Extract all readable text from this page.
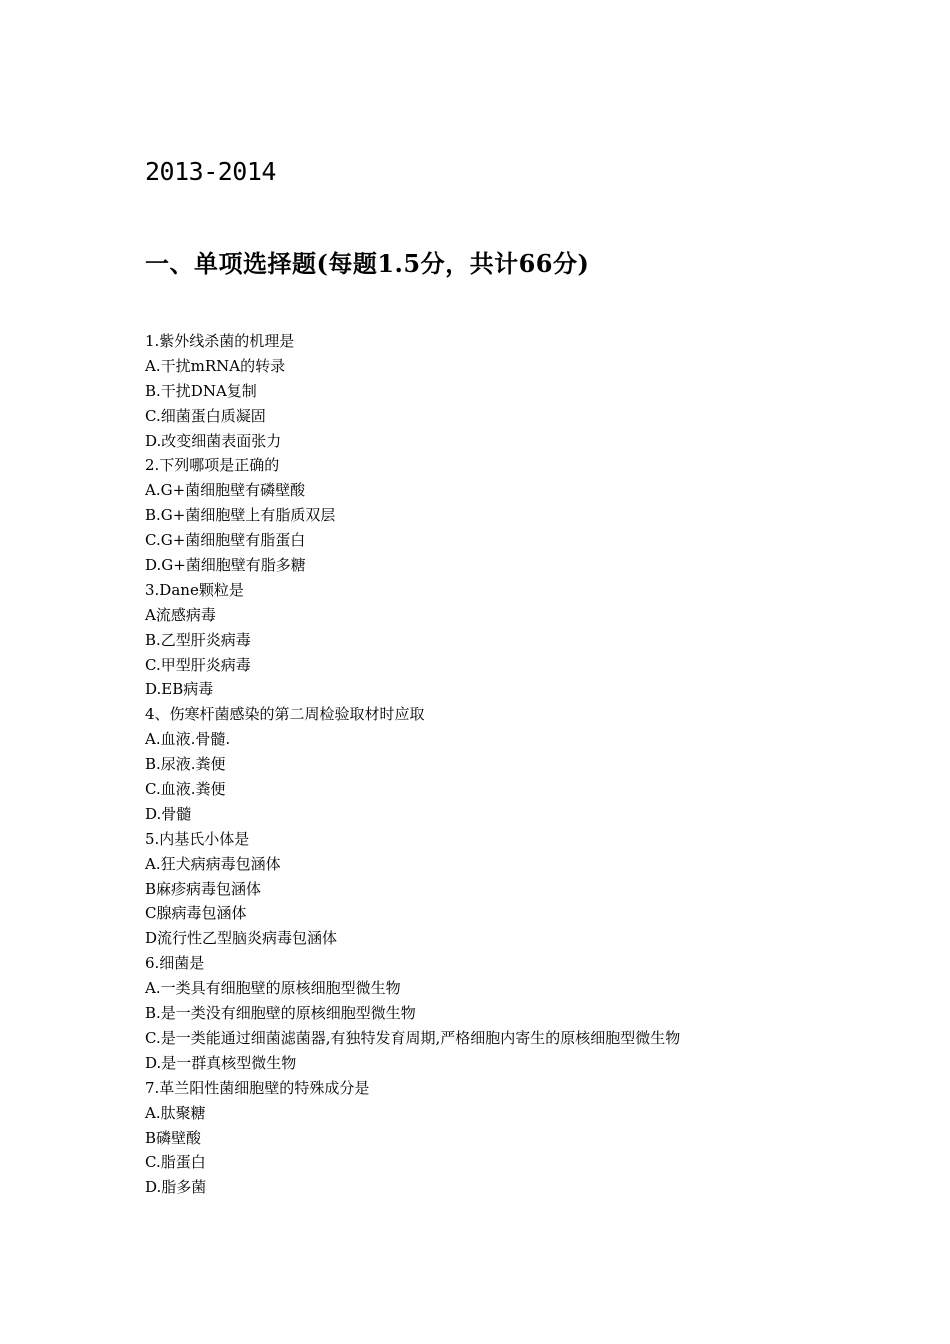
2013-2014
一、单项选择题(每题1.5分，共计66分)
1.紫外线杀菌的机理是
A.干扰mRNA的转录
B.干扰DNA复制
C.细菌蛋白质凝固
D.改变细菌表面张力
2.下列哪项是正确的
A.G+菌细胞壁有磷壁酸
B.G+菌细胞壁上有脂质双层
C.G+菌细胞壁有脂蛋白
D.G+菌细胞壁有脂多糖
3.Dane颗粒是
A流感病毒
B.乙型肝炎病毒
C.甲型肝炎病毒
D.EB病毒
4、伤寒杆菌感染的第二周检验取材时应取
A.血液.骨髓.
B.尿液.粪便
C.血液.粪便
D.骨髓
5.内基氏小体是
A.狂犬病病毒包涵体
B麻疹病毒包涵体
C腺病毒包涵体
D流行性乙型脑炎病毒包涵体
6.细菌是
A.一类具有细胞壁的原核细胞型微生物
B.是一类没有细胞壁的原核细胞型微生物
C.是一类能通过细菌滤菌器,有独特发育周期,严格细胞内寄生的原核细胞型微生物
D.是一群真核型微生物
7.革兰阳性菌细胞壁的特殊成分是
A.肽聚糖
B磷壁酸
C.脂蛋白
D.脂多菌
